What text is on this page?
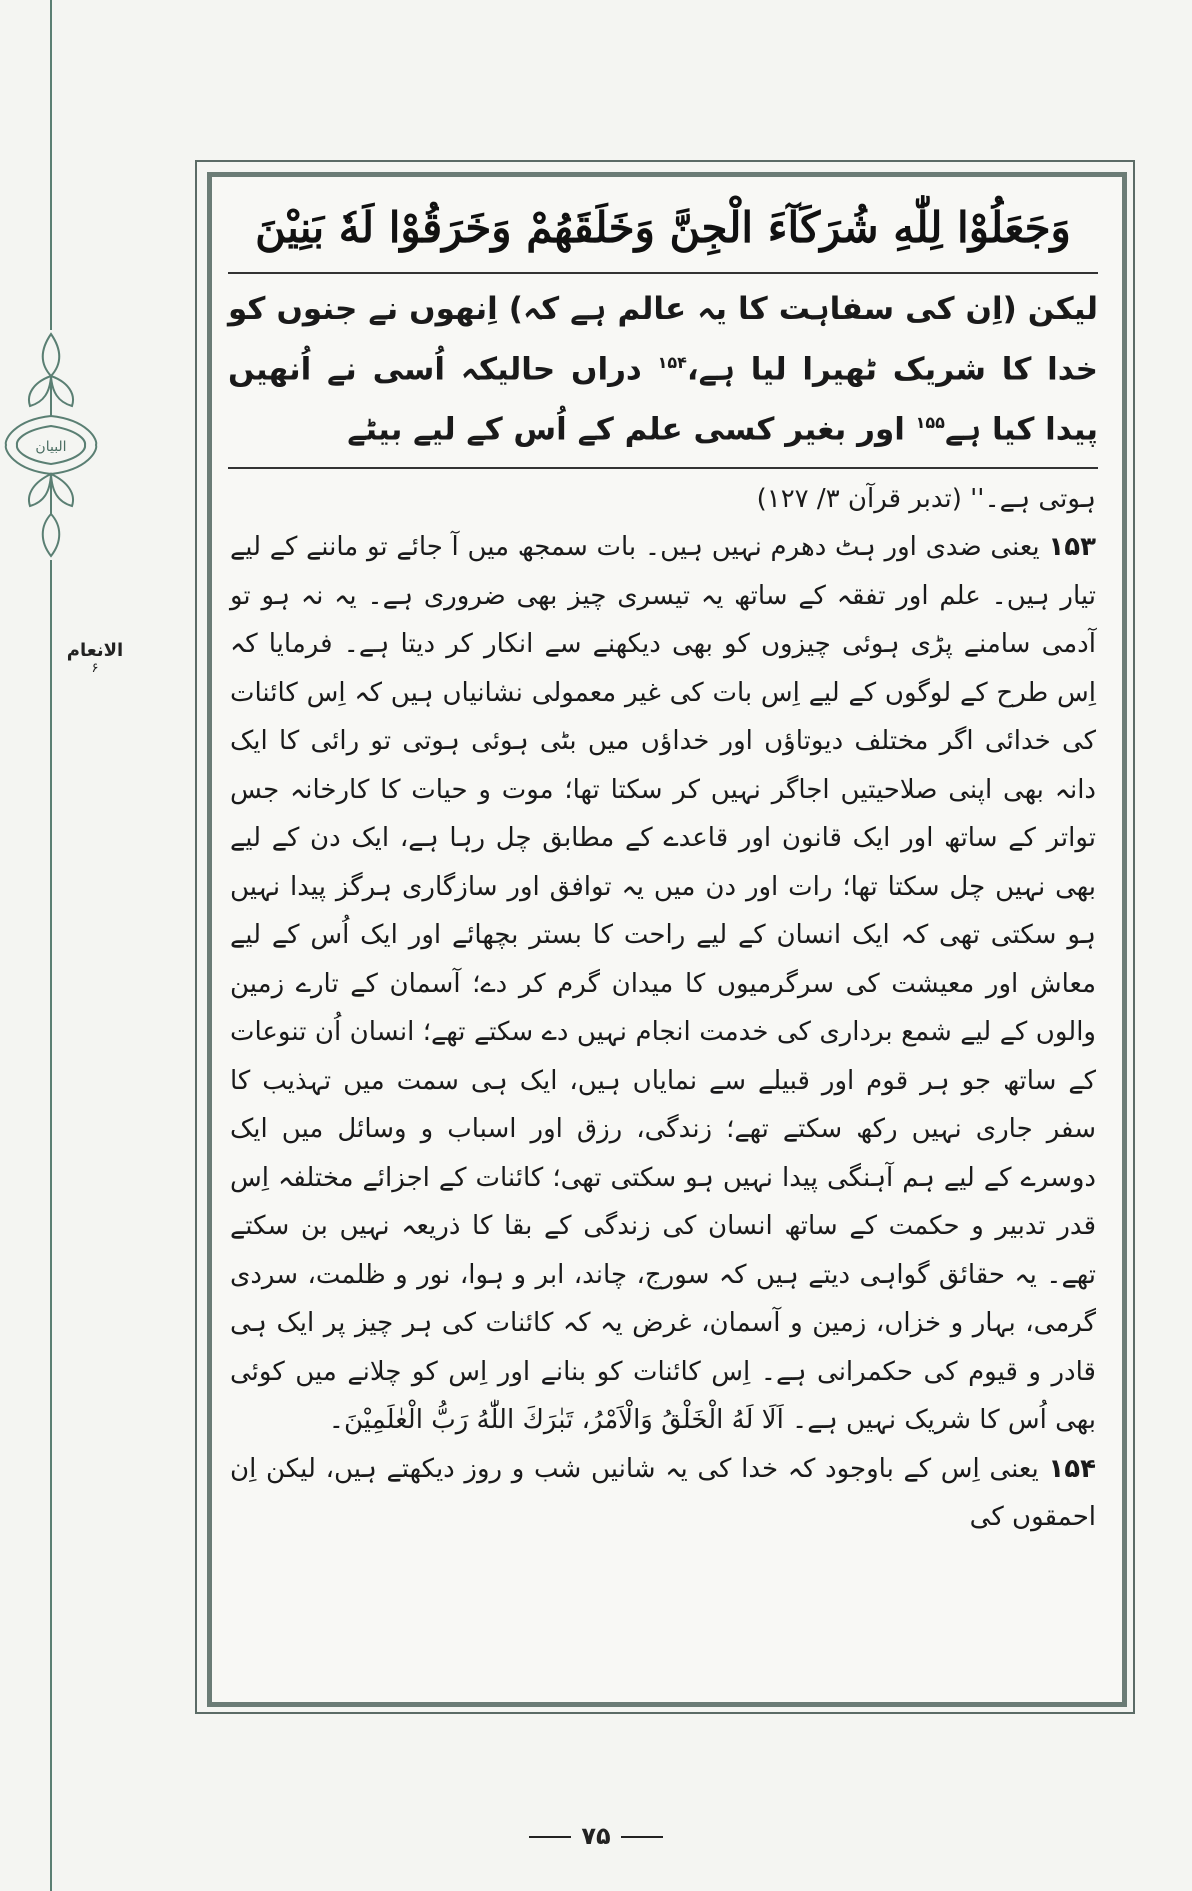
البیان
الانعام
۶
وَجَعَلُوْا لِلّٰهِ شُرَكَآءَ الْجِنَّ وَخَلَقَهُمْ وَخَرَقُوْا لَهٗ بَنِيْنَ
لیکن (اِن کی سفاہت کا یہ عالم ہے کہ) اِنھوں نے جنوں کو خدا کا شریک ٹھیرا لیا ہے،$^{۱۵۴}$ دراں حالیکہ اُسی نے اُنھیں پیدا کیا ہے$^{۱۵۵}$ اور بغیر کسی علم کے اُس کے لیے بیٹے

ہوتی ہے۔'' (تدبر قرآن ۳/ ۱۲۷)

۱۵۳ یعنی ضدی اور ہٹ دھرم نہیں ہیں۔ بات سمجھ میں آ جائے تو ماننے کے لیے تیار ہیں۔ علم اور تفقہ کے ساتھ یہ تیسری چیز بھی ضروری ہے۔ یہ نہ ہو تو آدمی سامنے پڑی ہوئی چیزوں کو بھی دیکھنے سے انکار کر دیتا ہے۔ فرمایا کہ اِس طرح کے لوگوں کے لیے اِس بات کی غیر معمولی نشانیاں ہیں کہ اِس کائنات کی خدائی اگر مختلف دیوتاؤں اور خداؤں میں بٹی ہوئی ہوتی تو رائی کا ایک دانہ بھی اپنی صلاحیتیں اجاگر نہیں کر سکتا تھا؛ موت و حیات کا کارخانہ جس تواتر کے ساتھ اور ایک قانون اور قاعدے کے مطابق چل رہا ہے، ایک دن کے لیے بھی نہیں چل سکتا تھا؛ رات اور دن میں یہ توافق اور سازگاری ہرگز پیدا نہیں ہو سکتی تھی کہ ایک انسان کے لیے راحت کا بستر بچھائے اور ایک اُس کے لیے معاش اور معیشت کی سرگرمیوں کا میدان گرم کر دے؛ آسمان کے تارے زمین والوں کے لیے شمع برداری کی خدمت انجام نہیں دے سکتے تھے؛ انسان اُن تنوعات کے ساتھ جو ہر قوم اور قبیلے سے نمایاں ہیں، ایک ہی سمت میں تہذیب کا سفر جاری نہیں رکھ سکتے تھے؛ زندگی، رزق اور اسباب و وسائل میں ایک دوسرے کے لیے ہم آہنگی پیدا نہیں ہو سکتی تھی؛ کائنات کے اجزائے مختلفہ اِس قدر تدبیر و حکمت کے ساتھ انسان کی زندگی کے بقا کا ذریعہ نہیں بن سکتے تھے۔ یہ حقائق گواہی دیتے ہیں کہ سورج، چاند، ابر و ہوا، نور و ظلمت، سردی گرمی، بہار و خزاں، زمین و آسمان، غرض یہ کہ کائنات کی ہر چیز پر ایک ہی قادر و قیوم کی حکمرانی ہے۔ اِس کائنات کو بنانے اور اِس کو چلانے میں کوئی بھی اُس کا شریک نہیں ہے۔ اَلَا لَهُ الْخَلْقُ وَالْاَمْرُ، تَبٰرَكَ اللّٰهُ رَبُّ الْعٰلَمِيْنَ۔

۱۵۴ یعنی اِس کے باوجود کہ خدا کی یہ شانیں شب و روز دیکھتے ہیں، لیکن اِن احمقوں کی

۷۵
